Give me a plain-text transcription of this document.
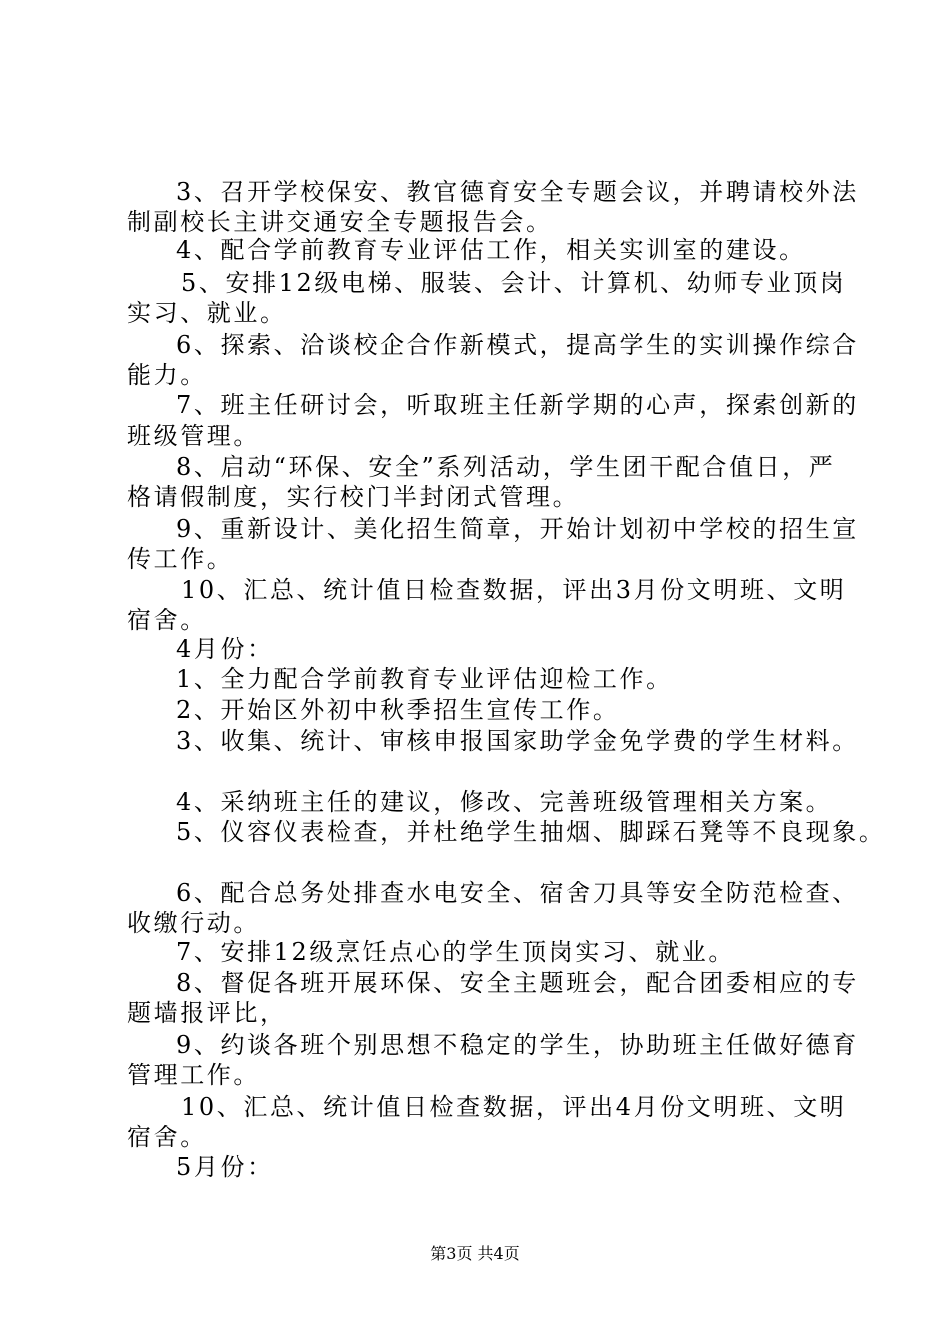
3、召开学校保安、教官德育安全专题会议，并聘请校外法
制副校长主讲交通安全专题报告会。
4、配合学前教育专业评估工作，相关实训室的建设。
5、安排12级电梯、服装、会计、计算机、幼师专业顶岗
实习、就业。
6、探索、洽谈校企合作新模式，提高学生的实训操作综合
能力。
7、班主任研讨会，听取班主任新学期的心声，探索创新的
班级管理。
8、启动“环保、安全”系列活动，学生团干配合值日，严
格请假制度，实行校门半封闭式管理。
9、重新设计、美化招生简章，开始计划初中学校的招生宣
传工作。
10、汇总、统计值日检查数据，评出3月份文明班、文明
宿舍。
4月份：
1、全力配合学前教育专业评估迎检工作。
2、开始区外初中秋季招生宣传工作。
3、收集、统计、审核申报国家助学金免学费的学生材料。
4、采纳班主任的建议，修改、完善班级管理相关方案。
5、仪容仪表检查，并杜绝学生抽烟、脚踩石凳等不良现象。
6、配合总务处排查水电安全、宿舍刀具等安全防范检查、
收缴行动。
7、安排12级烹饪点心的学生顶岗实习、就业。
8、督促各班开展环保、安全主题班会，配合团委相应的专
题墙报评比，
9、约谈各班个别思想不稳定的学生，协助班主任做好德育
管理工作。
10、汇总、统计值日检查数据，评出4月份文明班、文明
宿舍。
5月份：
第3页 共4页
